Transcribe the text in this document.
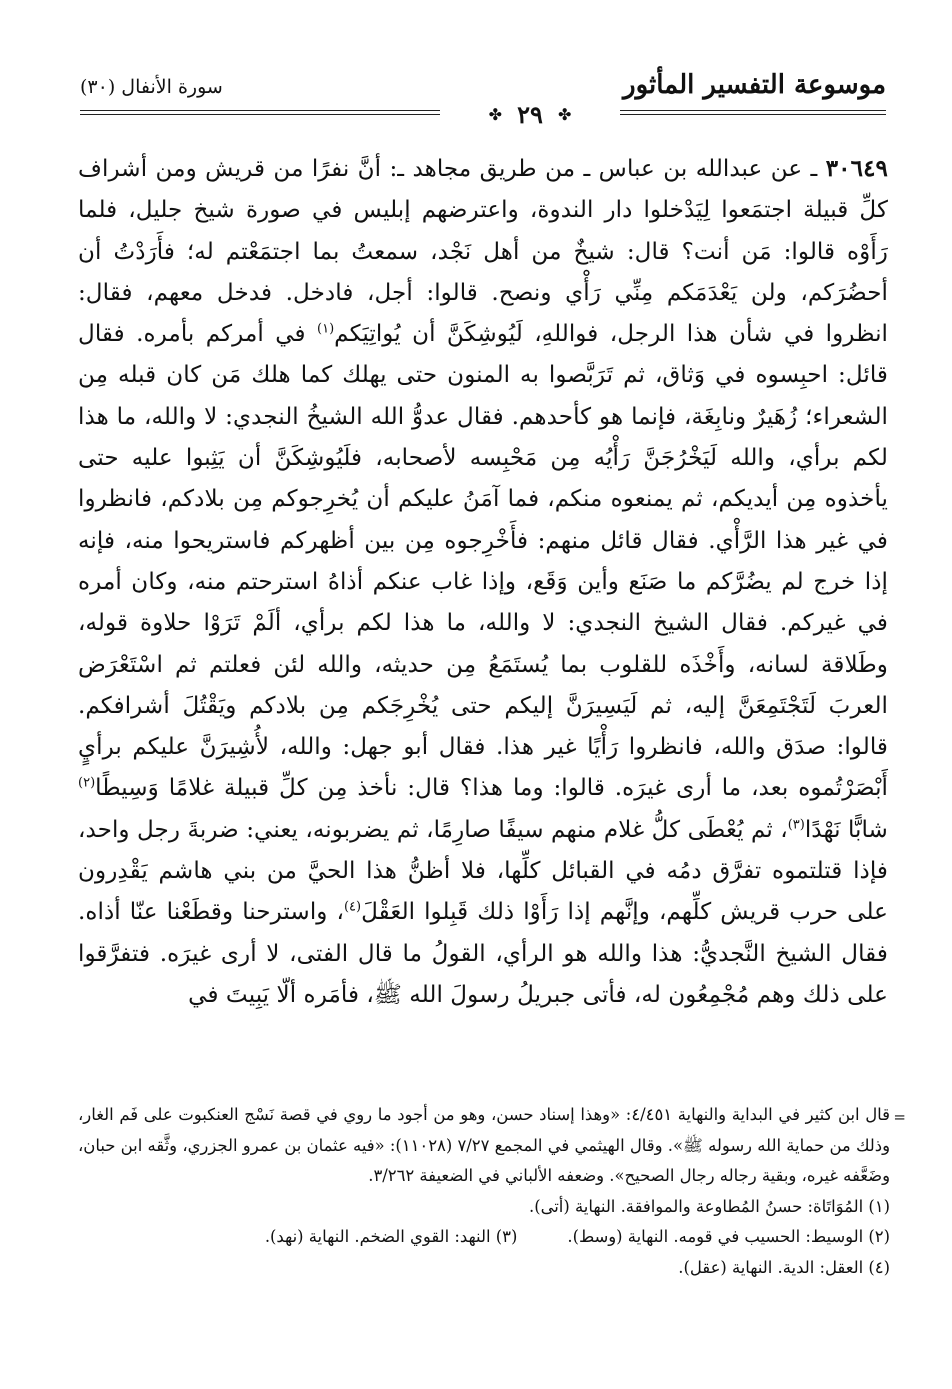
موسوعة التفسير المأثور
سورة الأنفال (٣٠)
✤ ٢٩ ✤

٣٠٦٤٩ ـ عن عبدالله بن عباس ـ من طريق مجاهد ـ: أنَّ نفرًا من قريش ومن أشراف كلِّ قبيلة اجتمَعوا لِيَدْخلوا دار الندوة، واعترضهم إبليس في صورة شيخ جليل، فلما رَأَوْه قالوا: مَن أنت؟ قال: شيخٌ من أهل نَجْد، سمعتُ بما اجتمَعْتم له؛ فأَرَدْتُ أن أحضُرَكم، ولن يَعْدَمَكم مِنِّي رَأْي ونصح. قالوا: أجل، فادخل. فدخل معهم، فقال: انظروا في شأن هذا الرجل، فواللهِ، لَيُوشِكَنَّ أن يُواتِيَكم$^{(١)}$ في أمركم بأمره. فقال قائل: احبِسوه في وَثاق، ثم تَرَبَّصوا به المنون حتى يهلك كما هلك مَن كان قبله مِن الشعراء؛ زُهَيرٌ ونابِغَة، فإنما هو كأحدهم. فقال عدوُّ الله الشيخُ النجدي: لا والله، ما هذا لكم برأي، والله لَيَخْرُجَنَّ رَأْيُه مِن مَحْبِسه لأصحابه، فلَيُوشِكَنَّ أن يَثِبوا عليه حتى يأخذوه مِن أيديكم، ثم يمنعوه منكم، فما آمَنُ عليكم أن يُخرِجوكم مِن بلادكم، فانظروا في غير هذا الرَّأْي. فقال قائل منهم: فأَخْرِجوه مِن بين أظهركم فاستريحوا منه، فإنه إذا خرج لم يضُرَّكم ما صَنَع وأين وَقَع، وإذا غاب عنكم أذاهُ استرحتم منه، وكان أمره في غيركم. فقال الشيخ النجدي: لا والله، ما هذا لكم برأي، ألَمْ تَرَوْا حلاوة قوله، وطَلاقة لسانه، وأَخْذَه للقلوب بما يُستَمَعُ مِن حديثه، والله لئن فعلتم ثم اسْتَعْرَض العربَ لَتَجْتَمِعَنَّ إليه، ثم لَيَسِيرَنَّ إليكم حتى يُخْرِجَكم مِن بلادكم ويَقْتُلَ أشرافكم. قالوا: صدَق والله، فانظروا رَأْيًا غير هذا. فقال أبو جهل: والله، لأُشِيرَنَّ عليكم برأيٍ أَبْصَرْتُموه بعد، ما أرى غيرَه. قالوا: وما هذا؟ قال: نأخذ مِن كلِّ قبيلة غلامًا وَسِيطًا$^{(٢)}$ شابًّا نَهْدًا$^{(٣)}$، ثم يُعْطَى كلُّ غلام منهم سيفًا صارِمًا، ثم يضربونه، يعني: ضربةَ رجل واحد، فإذا قتلتموه تفرَّق دمُه في القبائل كلِّها، فلا أظنُّ هذا الحيَّ من بني هاشم يَقْدِرون على حرب قريش كلِّهم، وإنَّهم إذا رَأَوْا ذلك قَبِلوا العَقْلَ$^{(٤)}$، واسترحنا وقطَعْنا عنّا أذاه. فقال الشيخ النَّجديُّ: هذا والله هو الرأي، القولُ ما قال الفتى، لا أرى غيرَه. فتفرَّقوا على ذلك وهم مُجْمِعُون له، فأتى جبريلُ رسولَ الله ﷺ، فأمَره ألّا يَبِيتَ في

=
قال ابن كثير في البداية والنهاية ٤/٤٥١: «وهذا إسناد حسن، وهو من أجود ما روي في قصة نَسْج العنكبوت على فَم الغار، وذلك من حماية الله رسوله ﷺ». وقال الهيثمي في المجمع ٧/٢٧ (١١٠٢٨): «فيه عثمان بن عمرو الجزري، وثَّقه ابن حبان، وضَعَّفه غيره، وبقية رجاله رجال الصحيح». وضعفه الألباني في الضعيفة ٣/٢٦٢.

(١) المُوَاتَاة: حسنُ المُطاوعة والموافقة. النهاية (أتى).

(٢) الوسيط: الحسيب في قومه. النهاية (وسط).
(٣) النهد: القوي الضخم. النهاية (نهد).

(٤) العقل: الدية. النهاية (عقل).
